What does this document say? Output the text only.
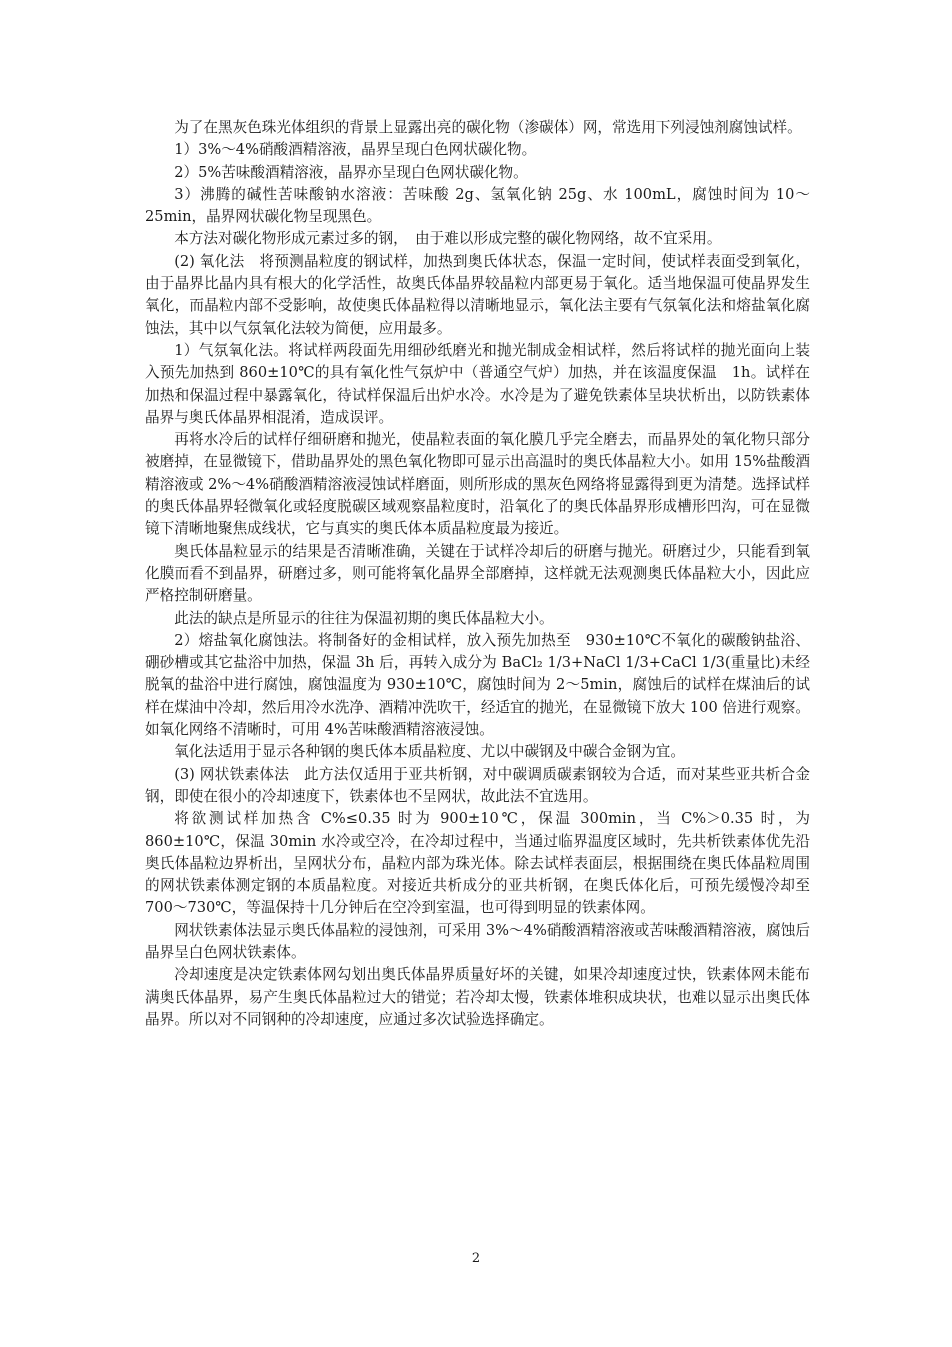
为了在黑灰色珠光体组织的背景上显露出亮的碳化物（渗碳体）网，常选用下列浸蚀剂腐蚀试样。

1）3%～4%硝酸酒精溶液，晶界呈现白色网状碳化物。

2）5%苦味酸酒精溶液，晶界亦呈现白色网状碳化物。

3）沸腾的碱性苦味酸钠水溶液：苦味酸 2g、氢氧化钠 25g、水 100mL，腐蚀时间为 10～25min，晶界网状碳化物呈现黑色。

本方法对碳化物形成元素过多的钢，　由于难以形成完整的碳化物网络，故不宜采用。

(2) 氧化法　将预测晶粒度的钢试样，加热到奥氏体状态，保温一定时间，使试样表面受到氧化，由于晶界比晶内具有根大的化学活性，故奥氏体晶界较晶粒内部更易于氧化。适当地保温可使晶界发生氧化，而晶粒内部不受影响，故使奥氏体晶粒得以清晰地显示，氧化法主要有气氛氧化法和熔盐氧化腐蚀法，其中以气氛氧化法较为简便，应用最多。

1）气氛氧化法。将试样两段面先用细砂纸磨光和抛光制成金相试样，然后将试样的抛光面向上装入预先加热到 860±10℃的具有氧化性气氛炉中（普通空气炉）加热，并在该温度保温　1h。试样在加热和保温过程中暴露氧化，待试样保温后出炉水冷。水冷是为了避免铁素体呈块状析出，以防铁素体晶界与奥氏体晶界相混淆，造成误评。

再将水冷后的试样仔细研磨和抛光，使晶粒表面的氧化膜几乎完全磨去，而晶界处的氧化物只部分被磨掉，在显微镜下，借助晶界处的黑色氧化物即可显示出高温时的奥氏体晶粒大小。如用 15%盐酸酒精溶液或 2%～4%硝酸酒精溶液浸蚀试样磨面，则所形成的黑灰色网络将显露得到更为清楚。选择试样的奥氏体晶界轻微氧化或轻度脱碳区域观察晶粒度时，沿氧化了的奥氏体晶界形成槽形凹沟，可在显微镜下清晰地聚焦成线状，它与真实的奥氏体本质晶粒度最为接近。

奥氏体晶粒显示的结果是否清晰准确，关键在于试样冷却后的研磨与抛光。研磨过少，只能看到氧化膜而看不到晶界，研磨过多，则可能将氧化晶界全部磨掉，这样就无法观测奥氏体晶粒大小，因此应严格控制研磨量。

此法的缺点是所显示的往往为保温初期的奥氏体晶粒大小。

2）熔盐氧化腐蚀法。将制备好的金相试样，放入预先加热至　930±10℃不氧化的碳酸钠盐浴、硼砂槽或其它盐浴中加热，保温 3h 后，再转入成分为 BaCl₂ 1/3+NaCl 1/3+CaCl 1/3(重量比)未经脱氧的盐浴中进行腐蚀，腐蚀温度为 930±10℃，腐蚀时间为 2～5min，腐蚀后的试样在煤油后的试样在煤油中冷却，然后用冷水洗净、酒精冲洗吹干，经适宜的抛光，在显微镜下放大 100 倍进行观察。如氧化网络不清晰时，可用 4%苦味酸酒精溶液浸蚀。

氧化法适用于显示各种钢的奥氏体本质晶粒度、尤以中碳钢及中碳合金钢为宜。

(3) 网状铁素体法　此方法仅适用于亚共析钢，对中碳调质碳素钢较为合适，而对某些亚共析合金钢，即使在很小的冷却速度下，铁素体也不呈网状，故此法不宜选用。

将欲测试样加热含 C%≤0.35 时为 900±10℃，保温 300min，当 C%＞0.35 时，为 860±10℃，保温 30min 水冷或空冷，在冷却过程中，当通过临界温度区域时，先共析铁素体优先沿奥氏体晶粒边界析出，呈网状分布，晶粒内部为珠光体。除去试样表面层，根据围绕在奥氏体晶粒周围的网状铁素体测定钢的本质晶粒度。对接近共析成分的亚共析钢，在奥氏体化后，可预先缓慢冷却至　700～730℃，等温保持十几分钟后在空冷到室温，也可得到明显的铁素体网。

网状铁素体法显示奥氏体晶粒的浸蚀剂，可采用 3%～4%硝酸酒精溶液或苦味酸酒精溶液，腐蚀后晶界呈白色网状铁素体。

冷却速度是决定铁素体网勾划出奥氏体晶界质量好坏的关键，如果冷却速度过快，铁素体网未能布满奥氏体晶界，易产生奥氏体晶粒过大的错觉；若冷却太慢，铁素体堆积成块状，也难以显示出奥氏体晶界。所以对不同钢种的冷却速度，应通过多次试验选择确定。

2
